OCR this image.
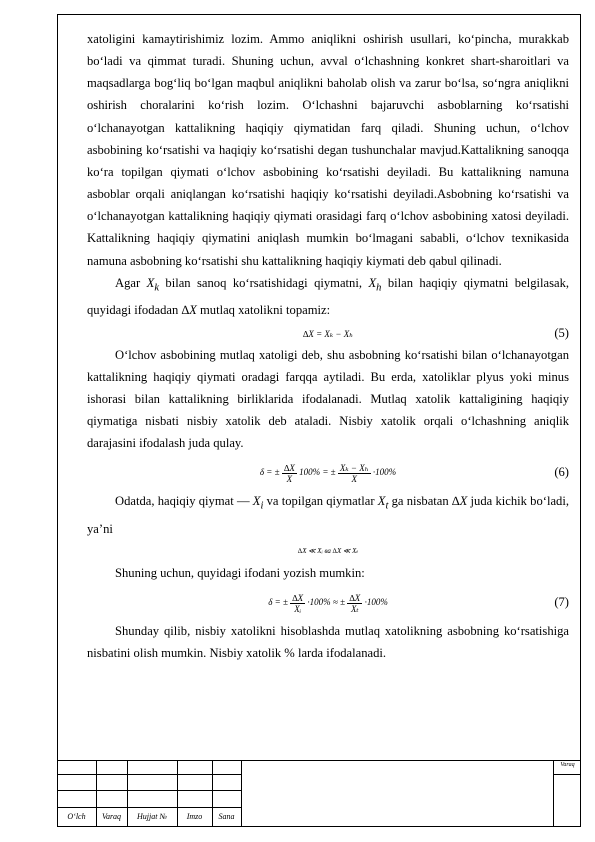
xatoligini kamaytirishimiz lozim. Ammo aniqlikni oshirish usullari, ko‘pincha, murakkab bo‘ladi va qimmat turadi. Shuning uchun, avval o‘lchashning konkret shart-sharoitlari va maqsadlarga bog‘liq bo‘lgan maqbul aniqlikni baholab olish va zarur bo‘lsa, so‘ngra aniqlikni oshirish choralarini ko‘rish lozim. O‘lchashni bajaruvchi asboblarning ko‘rsatishi o‘lchanayotgan kattalikning haqiqiy qiymatidan farq qiladi. Shuning uchun, o‘lchov asbobining ko‘rsatishi va haqiqiy ko‘rsatishi degan tushunchalar mavjud.Kattalikning sanoqqa ko‘ra topilgan qiymati o‘lchov asbobining ko‘rsatishi deyiladi. Bu kattalikning namuna asboblar orqali aniqlangan ko‘rsatishi haqiqiy ko‘rsatishi deyiladi.Asbobning ko‘rsatishi va o‘lchanayotgan kattalikning haqiqiy qiymati orasidagi farq o‘lchov asbobining xatosi deyiladi. Kattalikning haqiqiy qiymatini aniqlash mumkin bo‘lmagani sababli, o‘lchov texnikasida namuna asbobning ko‘rsatishi shu kattalikning haqiqiy kiymati deb qabul qilinadi.

Agar $X_k$ bilan sanoq ko‘rsatishidagi qiymatni, $X_h$ bilan haqiqiy qiymatni belgilasak, quyidagi ifodadan ∆X mutlaq xatolikni topamiz:

∆X = Xₖ − Xₕ	(5)

O‘lchov asbobining mutlaq xatoligi deb, shu asbobning ko‘rsatishi bilan o‘lchanayotgan kattalikning haqiqiy qiymati oradagi farqqa aytiladi. Bu erda, xatoliklar plyus yoki minus ishorasi bilan kattalikning birliklarida ifodalanadi. Mutlaq xatolik kattaligining haqiqiy qiymatiga nisbati nisbiy xatolik deb ataladi. Nisbiy xatolik orqali o‘lchashning aniqlik darajasini ifodalash juda qulay.

δ = ± $\frac{\Delta X}{X} 100\%$ = ± $\frac{\text{Xₖ − Xₕ}}{X} \cdot 100\%$	(6)

Odatda, haqiqiy qiymat — $X_i$ va topilgan qiymatlar $X_t$ ga nisbatan ∆X juda kichik bo‘ladi, ya’ni

∆X ≪ Xᵢ ва ∆X ≪ Xₜ

Shuning uchun, quyidagi ifodani yozish mumkin:

δ = ± $\frac{\Delta X}{\text{Xᵢ}} \cdot 100\%$ ≈ ± $\frac{\Delta X}{\text{Xₜ}} \cdot 100\%$	(7)

Shunday qilib, nisbiy xatolikni hisoblashda mutlaq xatolikning asbobning ko‘rsatishiga nisbatini olish mumkin. Nisbiy xatolik % larda ifodalanadi.

Varaq
O‘lch	Varaq	Hujjat №	Imzo	Sana
